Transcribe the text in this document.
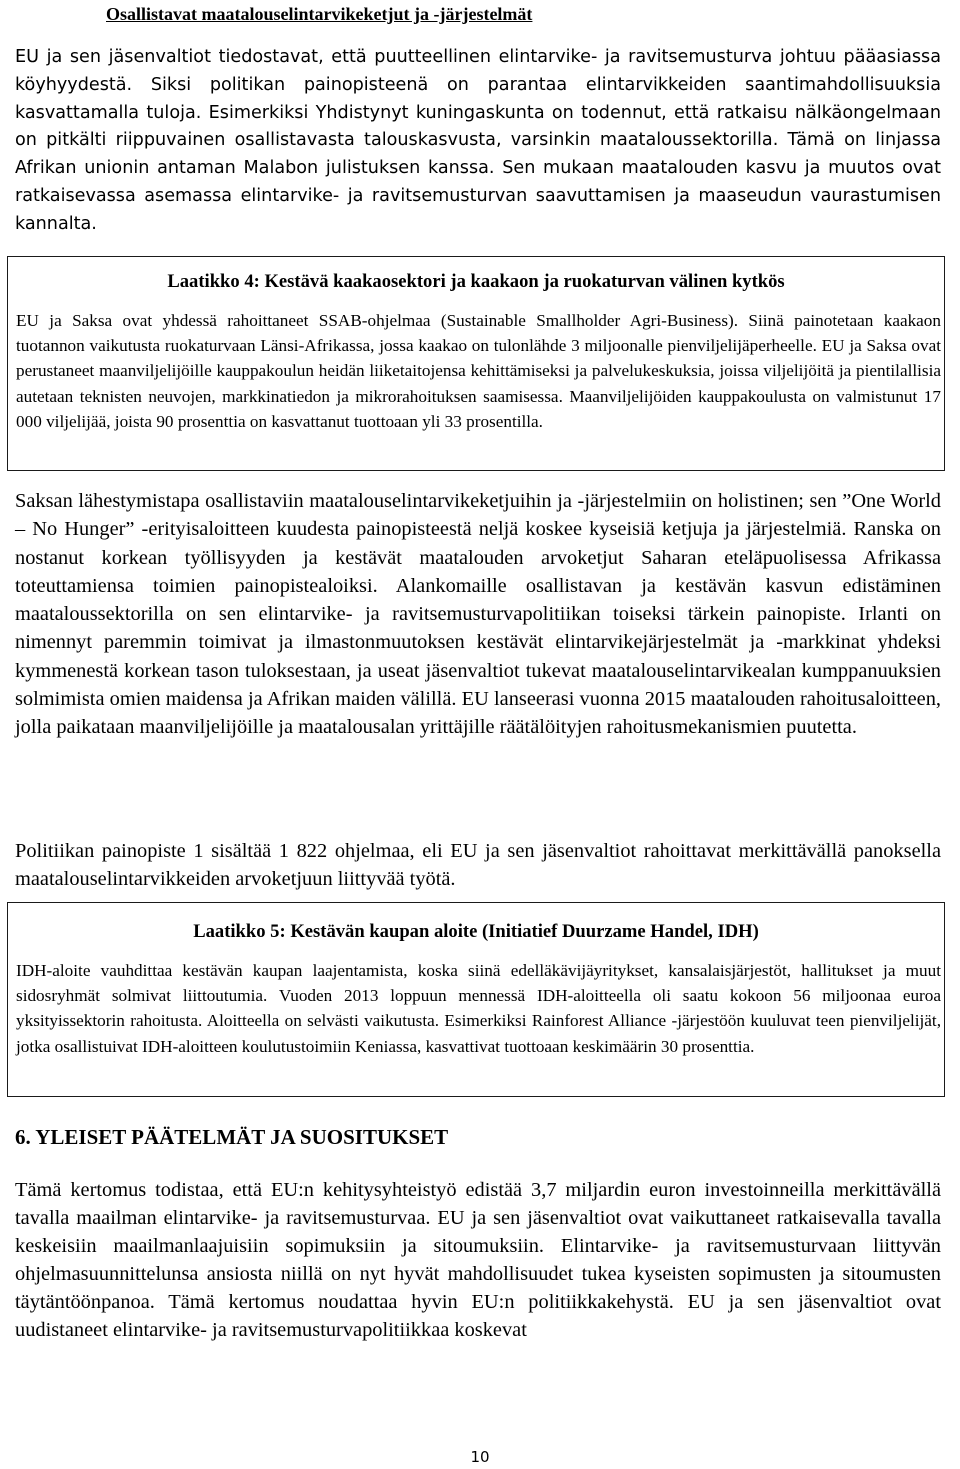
Osallistavat maatalouselintarvikeketjut ja -järjestelmät

EU ja sen jäsenvaltiot tiedostavat, että puutteellinen elintarvike- ja ravitsemusturva johtuu pääasiassa köyhyydestä. Siksi politikan painopisteenä on parantaa elintarvikkeiden saantimahdollisuuksia kasvattamalla tuloja. Esimerkiksi Yhdistynyt kuningaskunta on todennut, että ratkaisu nälkäongelmaan on pitkälti riippuvainen osallistavasta talouskasvusta, varsinkin maataloussektorilla. Tämä on linjassa Afrikan unionin antaman Malabon julistuksen kanssa. Sen mukaan maatalouden kasvu ja muutos ovat ratkaisevassa asemassa elintarvike- ja ravitsemusturvan saavuttamisen ja maaseudun vaurastumisen kannalta.

Laatikko 4: Kestävä kaakaosektori ja kaakaon ja ruokaturvan välinen kytkös

EU ja Saksa ovat yhdessä rahoittaneet SSAB-ohjelmaa (Sustainable Smallholder Agri-Business). Siinä painotetaan kaakaon tuotannon vaikutusta ruokaturvaan Länsi-Afrikassa, jossa kaakao on tulonlähde 3 miljoonalle pienviljelijäperheelle. EU ja Saksa ovat perustaneet maanviljelijöille kauppakoulun heidän liiketaitojensa kehittämiseksi ja palvelukeskuksia, joissa viljelijöitä ja pientilallisia autetaan teknisten neuvojen, markkinatiedon ja mikrorahoituksen saamisessa. Maanviljelijöiden kauppakoulusta on valmistunut 17 000 viljelijää, joista 90 prosenttia on kasvattanut tuottoaan yli 33 prosentilla.

Saksan lähestymistapa osallistaviin maatalouselintarvikeketjuihin ja -järjestelmiin on holistinen; sen ”One World – No Hunger” -erityisaloitteen kuudesta painopisteestä neljä koskee kyseisiä ketjuja ja järjestelmiä. Ranska on nostanut korkean työllisyyden ja kestävät maatalouden arvoketjut Saharan eteläpuolisessa Afrikassa toteuttamiensa toimien painopistealoiksi. Alankomaille osallistavan ja kestävän kasvun edistäminen maataloussektorilla on sen elintarvike- ja ravitsemusturvapolitiikan toiseksi tärkein painopiste. Irlanti on nimennyt paremmin toimivat ja ilmastonmuutoksen kestävät elintarvikejärjestelmät ja -markkinat yhdeksi kymmenestä korkean tason tuloksestaan, ja useat jäsenvaltiot tukevat maatalouselintarvikealan kumppanuuksien solmimista omien maidensa ja Afrikan maiden välillä. EU lanseerasi vuonna 2015 maatalouden rahoitusaloitteen, jolla paikataan maanviljelijöille ja maatalousalan yrittäjille räätälöityjen rahoitusmekanismien puutetta.

Politiikan painopiste 1 sisältää 1 822 ohjelmaa, eli EU ja sen jäsenvaltiot rahoittavat merkittävällä panoksella maatalouselintarvikkeiden arvoketjuun liittyvää työtä.

Laatikko 5: Kestävän kaupan aloite (Initiatief Duurzame Handel, IDH)

IDH-aloite vauhdittaa kestävän kaupan laajentamista, koska siinä edelläkävijäyritykset, kansalaisjärjestöt, hallitukset ja muut sidosryhmät solmivat liittoutumia. Vuoden 2013 loppuun mennessä IDH-aloitteella oli saatu kokoon 56 miljoonaa euroa yksityissektorin rahoitusta. Aloitteella on selvästi vaikutusta. Esimerkiksi Rainforest Alliance -järjestöön kuuluvat teen pienviljelijät, jotka osallistuivat IDH-aloitteen koulutustoimiin Keniassa, kasvattivat tuottoaan keskimäärin 30 prosenttia.

6. YLEISET PÄÄTELMÄT JA SUOSITUKSET

Tämä kertomus todistaa, että EU:n kehitysyhteistyö edistää 3,7 miljardin euron investoinneilla merkittävällä tavalla maailman elintarvike- ja ravitsemusturvaa. EU ja sen jäsenvaltiot ovat vaikuttaneet ratkaisevalla tavalla keskeisiin maailmanlaajuisiin sopimuksiin ja sitoumuksiin. Elintarvike- ja ravitsemusturvaan liittyvän ohjelmasuunnittelunsa ansiosta niillä on nyt hyvät mahdollisuudet tukea kyseisten sopimusten ja sitoumusten täytäntöönpanoa. Tämä kertomus noudattaa hyvin EU:n politiikkakehystä. EU ja sen jäsenvaltiot ovat uudistaneet elintarvike- ja ravitsemusturvapolitiikkaa koskevat

10
